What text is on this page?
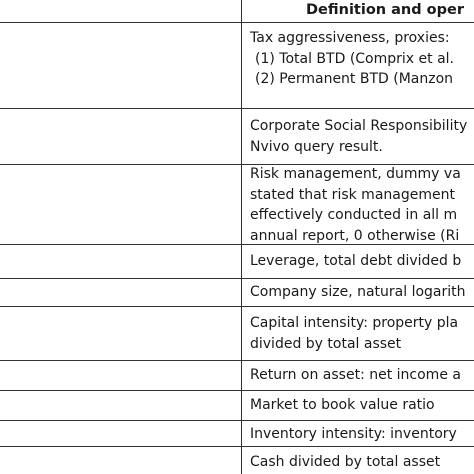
Definition and oper
Tax aggressiveness, proxies:
(1) Total BTD (Comprix et al.
(2) Permanent BTD (Manzon
Corporate Social Responsibility
Nvivo query result.
Risk management, dummy va
stated that risk management
effectively conducted in all m
annual report, 0 otherwise (Ri
Leverage, total debt divided b
Company size, natural logarith
Capital intensity: property pla
divided by total asset
Return on asset: net income a
Market to book value ratio
Inventory intensity: inventory
Cash divided by total asset
